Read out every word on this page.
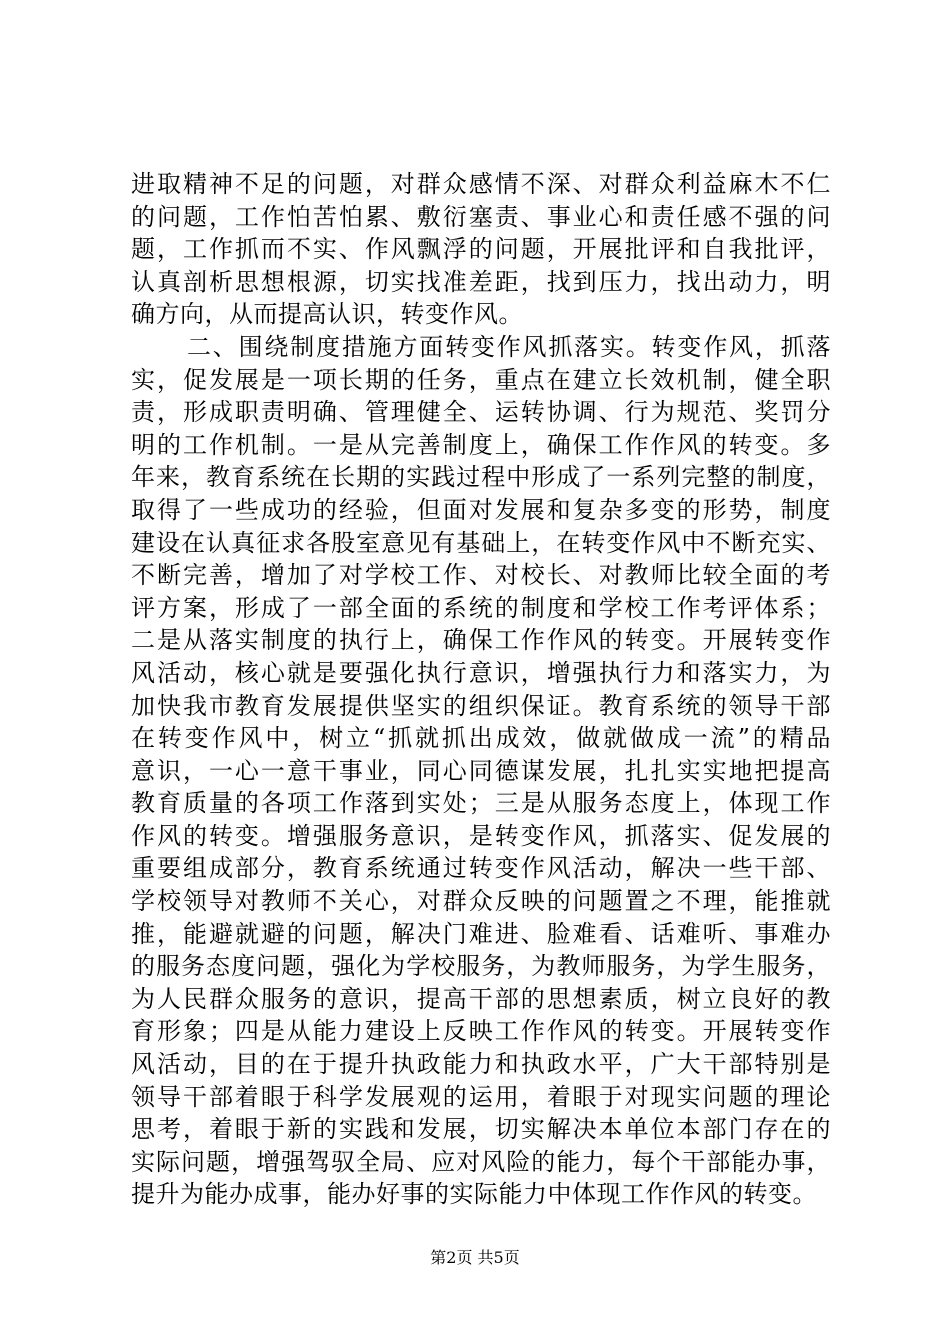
进取精神不足的问题，对群众感情不深、对群众利益麻木不仁
的问题，工作怕苦怕累、敷衍塞责、事业心和责任感不强的问
题，工作抓而不实、作风飘浮的问题，开展批评和自我批评，
认真剖析思想根源，切实找准差距，找到压力，找出动力，明
确方向，从而提高认识，转变作风。
二、围绕制度措施方面转变作风抓落实。转变作风，抓落
实，促发展是一项长期的任务，重点在建立长效机制，健全职
责，形成职责明确、管理健全、运转协调、行为规范、奖罚分
明的工作机制。一是从完善制度上，确保工作作风的转变。多
年来，教育系统在长期的实践过程中形成了一系列完整的制度，
取得了一些成功的经验，但面对发展和复杂多变的形势，制度
建设在认真征求各股室意见有基础上，在转变作风中不断充实、
不断完善，增加了对学校工作、对校长、对教师比较全面的考
评方案，形成了一部全面的系统的制度和学校工作考评体系；
二是从落实制度的执行上，确保工作作风的转变。开展转变作
风活动，核心就是要强化执行意识，增强执行力和落实力，为
加快我市教育发展提供坚实的组织保证。教育系统的领导干部
在转变作风中，树立“抓就抓出成效，做就做成一流”的精品
意识，一心一意干事业，同心同德谋发展，扎扎实实地把提高
教育质量的各项工作落到实处；三是从服务态度上，体现工作
作风的转变。增强服务意识，是转变作风，抓落实、促发展的
重要组成部分，教育系统通过转变作风活动，解决一些干部、
学校领导对教师不关心，对群众反映的问题置之不理，能推就
推，能避就避的问题，解决门难进、脸难看、话难听、事难办
的服务态度问题，强化为学校服务，为教师服务，为学生服务，
为人民群众服务的意识，提高干部的思想素质，树立良好的教
育形象；四是从能力建设上反映工作作风的转变。开展转变作
风活动，目的在于提升执政能力和执政水平，广大干部特别是
领导干部着眼于科学发展观的运用，着眼于对现实问题的理论
思考，着眼于新的实践和发展，切实解决本单位本部门存在的
实际问题，增强驾驭全局、应对风险的能力，每个干部能办事，
提升为能办成事，能办好事的实际能力中体现工作作风的转变。
第2页 共5页
